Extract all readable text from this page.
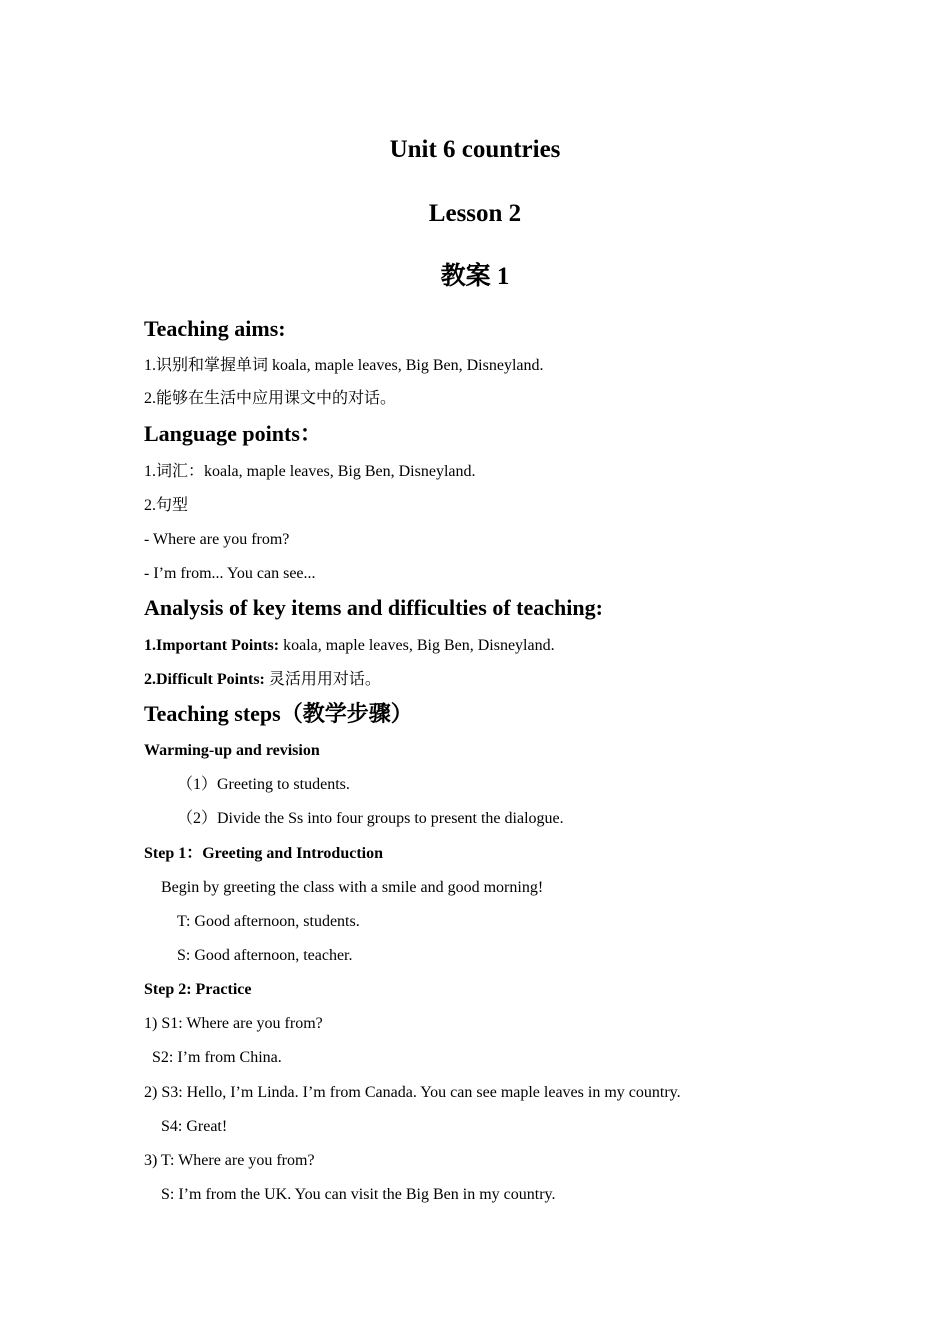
Unit 6 countries
Lesson 2
教案 1
Teaching aims:
1.识别和掌握单词 koala, maple leaves, Big Ben, Disneyland.
2.能够在生活中应用课文中的对话。
Language points：
1.词汇：koala, maple leaves, Big Ben, Disneyland.
2.句型
- Where are you from?
- I’m from... You can see...
Analysis of key items and difficulties of teaching:
1.Important Points: koala, maple leaves, Big Ben, Disneyland.
2.Difficult Points: 灵活用用对话。
Teaching steps（教学步骤）
Warming-up and revision
（1）Greeting to students.
（2）Divide the Ss into four groups to present the dialogue.
Step 1：Greeting and Introduction
Begin by greeting the class with a smile and good morning!
T: Good afternoon, students.
S: Good afternoon, teacher.
Step 2: Practice
1) S1: Where are you from?
S2: I’m from China.
2) S3: Hello, I’m Linda. I’m from Canada. You can see maple leaves in my country.
S4: Great!
3) T: Where are you from?
S: I’m from the UK. You can visit the Big Ben in my country.
